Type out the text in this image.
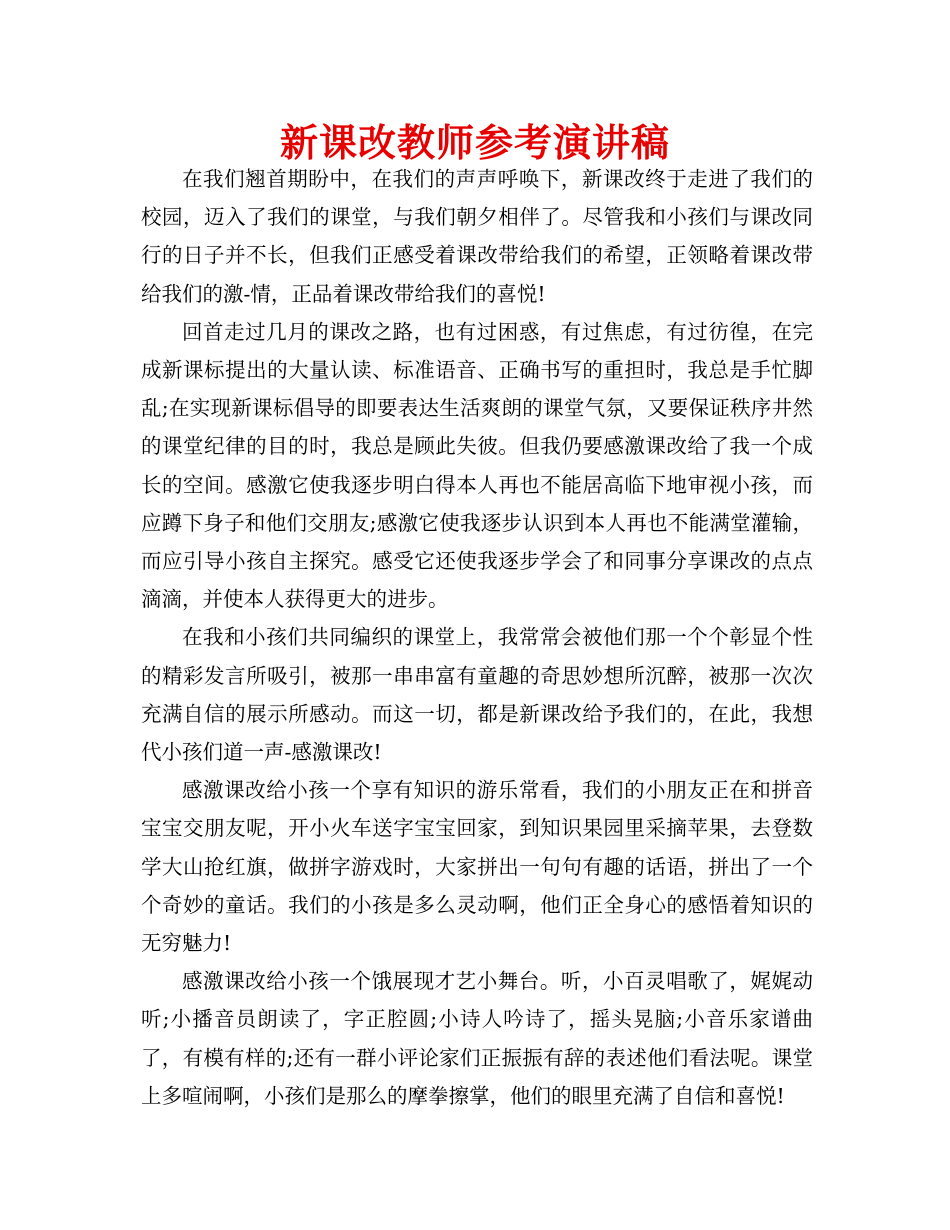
新课改教师参考演讲稿

在我们翘首期盼中，在我们的声声呼唤下，新课改终于走进了我们的校园，迈入了我们的课堂，与我们朝夕相伴了。尽管我和小孩们与课改同行的日子并不长，但我们正感受着课改带给我们的希望，正领略着课改带给我们的激-情，正品着课改带给我们的喜悦!

回首走过几月的课改之路，也有过困惑，有过焦虑，有过彷徨，在完成新课标提出的大量认读、标准语音、正确书写的重担时，我总是手忙脚乱;在实现新课标倡导的即要表达生活爽朗的课堂气氛，又要保证秩序井然的课堂纪律的目的时，我总是顾此失彼。但我仍要感激课改给了我一个成长的空间。感激它使我逐步明白得本人再也不能居高临下地审视小孩，而应蹲下身子和他们交朋友;感激它使我逐步认识到本人再也不能满堂灌输，而应引导小孩自主探究。感受它还使我逐步学会了和同事分享课改的点点滴滴，并使本人获得更大的进步。

在我和小孩们共同编织的课堂上，我常常会被他们那一个个彰显个性的精彩发言所吸引，被那一串串富有童趣的奇思妙想所沉醉，被那一次次充满自信的展示所感动。而这一切，都是新课改给予我们的，在此，我想代小孩们道一声-感激课改!

感激课改给小孩一个享有知识的游乐常看，我们的小朋友正在和拼音宝宝交朋友呢，开小火车送字宝宝回家，到知识果园里采摘苹果，去登数学大山抢红旗，做拼字游戏时，大家拼出一句句有趣的话语，拼出了一个个奇妙的童话。我们的小孩是多么灵动啊，他们正全身心的感悟着知识的无穷魅力!

感激课改给小孩一个饿展现才艺小舞台。听，小百灵唱歌了，娓娓动听;小播音员朗读了，字正腔圆;小诗人吟诗了，摇头晃脑;小音乐家谱曲了，有模有样的;还有一群小评论家们正振振有辞的表述他们看法呢。课堂上多喧闹啊，小孩们是那么的摩拳擦掌，他们的眼里充满了自信和喜悦!
